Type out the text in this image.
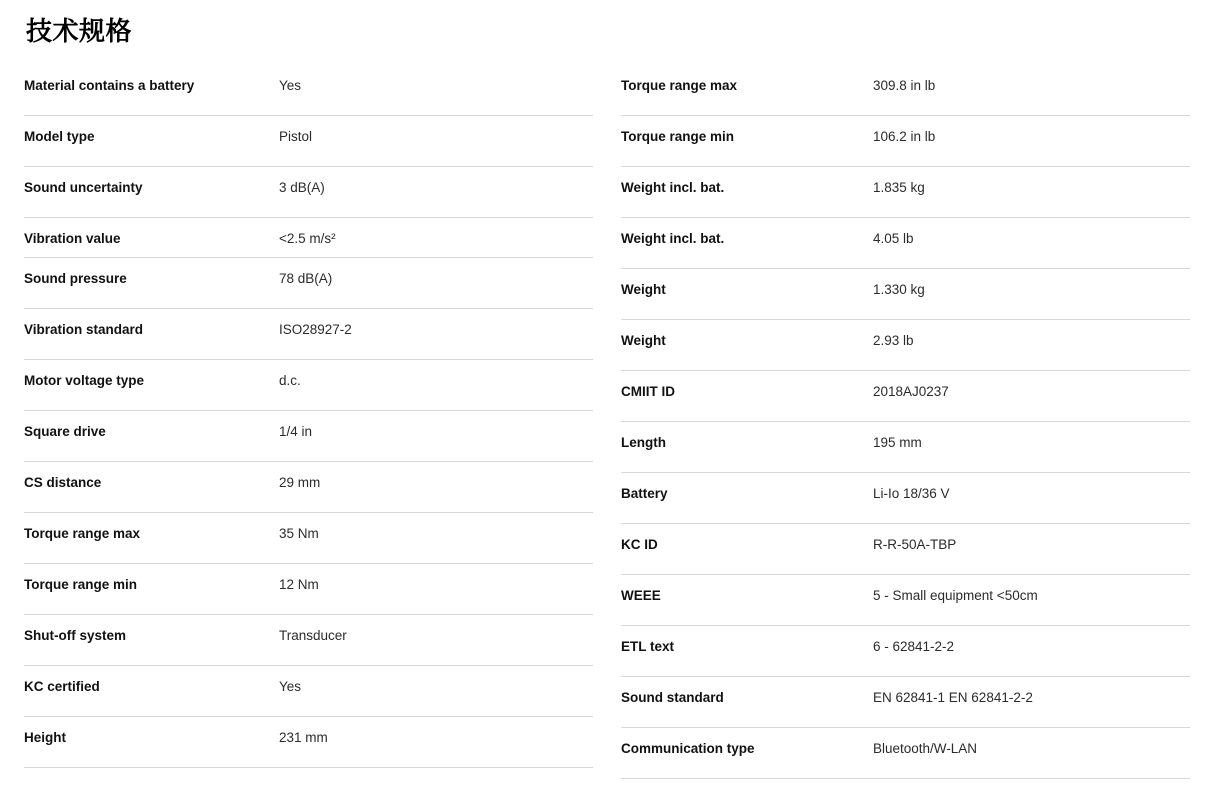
技术规格
Material contains a battery	Yes
Model type	Pistol
Sound uncertainty	3 dB(A)
Vibration value	<2.5 m/s²
Sound pressure	78 dB(A)
Vibration standard	ISO28927-2
Motor voltage type	d.c.
Square drive	1/4 in
CS distance	29 mm
Torque range max	35 Nm
Torque range min	12 Nm
Shut-off system	Transducer
KC certified	Yes
Height	231 mm
Torque range max	309.8 in lb
Torque range min	106.2 in lb
Weight incl. bat.	1.835 kg
Weight incl. bat.	4.05 lb
Weight	1.330 kg
Weight	2.93 lb
CMIIT ID	2018AJ0237
Length	195 mm
Battery	Li-Io 18/36 V
KC ID	R-R-50A-TBP
WEEE	5 - Small equipment <50cm
ETL text	6 - 62841-2-2
Sound standard	EN 62841-1 EN 62841-2-2
Communication type	Bluetooth/W-LAN
